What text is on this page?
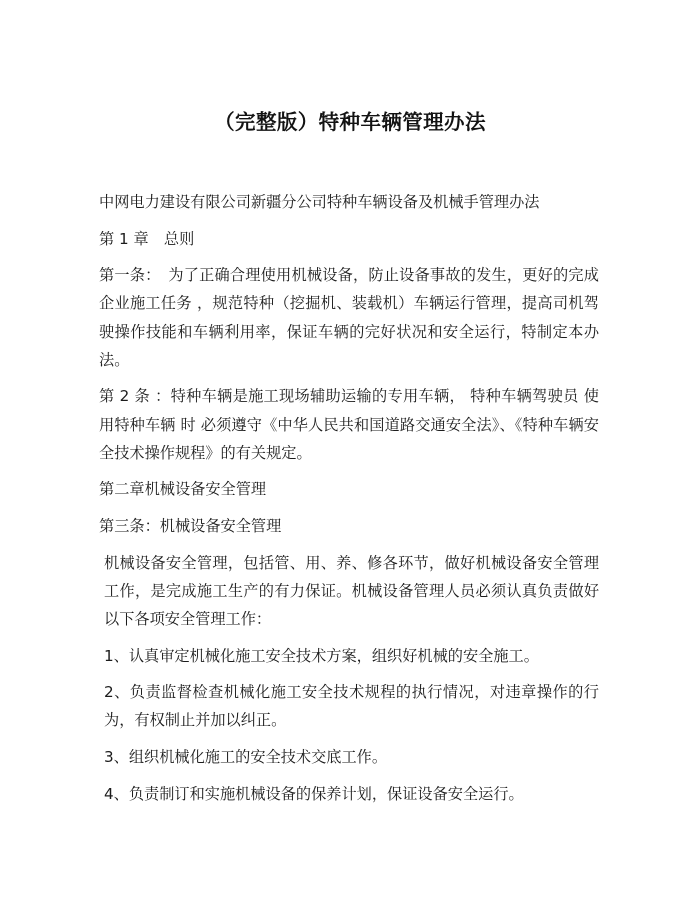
（完整版）特种车辆管理办法

中网电力建设有限公司新疆分公司特种车辆设备及机械手管理办法

第 1 章　总则

第一条：　为了正确合理使用机械设备，防止设备事故的发生，更好的完成企业施工任务 ，规范特种（挖掘机、装载机）车辆运行管理，提高司机驾驶操作技能和车辆利用率，保证车辆的完好状况和安全运行，特制定本办法。

第 2 条 ：特种车辆是施工现场辅助运输的专用车辆， 特种车辆驾驶员 使用特种车辆 时 必须遵守《中华人民共和国道路交通安全法》、《特种车辆安全技术操作规程》的有关规定。

第二章机械设备安全管理

第三条：机械设备安全管理

机械设备安全管理，包括管、用、养、修各环节，做好机械设备安全管理工作，是完成施工生产的有力保证。机械设备管理人员必须认真负责做好以下各项安全管理工作：

1、认真审定机械化施工安全技术方案，组织好机械的安全施工。

2、负责监督检查机械化施工安全技术规程的执行情况，对违章操作的行为，有权制止并加以纠正。

3、组织机械化施工的安全技术交底工作。

4、负责制订和实施机械设备的保养计划，保证设备安全运行。
